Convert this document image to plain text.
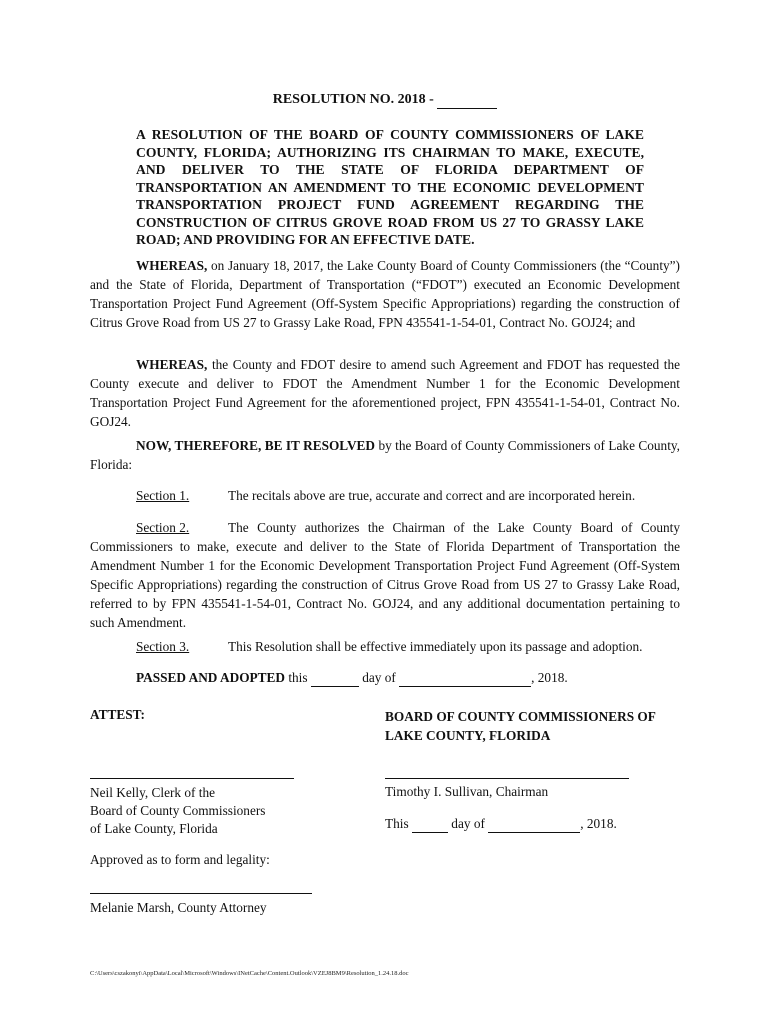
RESOLUTION NO. 2018 -
A RESOLUTION OF THE BOARD OF COUNTY COMMISSIONERS OF LAKE COUNTY, FLORIDA; AUTHORIZING ITS CHAIRMAN TO MAKE, EXECUTE, AND DELIVER TO THE STATE OF FLORIDA DEPARTMENT OF TRANSPORTATION AN AMENDMENT TO THE ECONOMIC DEVELOPMENT TRANSPORTATION PROJECT FUND AGREEMENT REGARDING THE CONSTRUCTION OF CITRUS GROVE ROAD FROM US 27 TO GRASSY LAKE ROAD; AND PROVIDING FOR AN EFFECTIVE DATE.
WHEREAS, on January 18, 2017, the Lake County Board of County Commissioners (the “County”) and the State of Florida, Department of Transportation (“FDOT”) executed an Economic Development Transportation Project Fund Agreement (Off-System Specific Appropriations) regarding the construction of Citrus Grove Road from US 27 to Grassy Lake Road, FPN 435541-1-54-01, Contract No. GOJ24; and
WHEREAS, the County and FDOT desire to amend such Agreement and FDOT has requested the County execute and deliver to FDOT the Amendment Number 1 for the Economic Development Transportation Project Fund Agreement for the aforementioned project, FPN 435541-1-54-01, Contract No. GOJ24.
NOW, THEREFORE, BE IT RESOLVED by the Board of County Commissioners of Lake County, Florida:
Section 1.	The recitals above are true, accurate and correct and are incorporated herein.
Section 2.	The County authorizes the Chairman of the Lake County Board of County Commissioners to make, execute and deliver to the State of Florida Department of Transportation the Amendment Number 1 for the Economic Development Transportation Project Fund Agreement (Off-System Specific Appropriations) regarding the construction of Citrus Grove Road from US 27 to Grassy Lake Road, referred to by FPN 435541-1-54-01, Contract No. GOJ24, and any additional documentation pertaining to such Amendment.
Section 3.	This Resolution shall be effective immediately upon its passage and adoption.
PASSED AND ADOPTED this	day of	, 2018.
ATTEST:	BOARD OF COUNTY COMMISSIONERS OF
LAKE COUNTY, FLORIDA
Neil Kelly, Clerk of the
Board of County Commissioners
of Lake County, Florida
Timothy I. Sullivan, Chairman
This	day of	, 2018.
Approved as to form and legality:
Melanie Marsh, County Attorney
C:\Users\cszakonyi\AppData\Local\Microsoft\Windows\INetCache\Content.Outlook\VZEJ8BM9\Resolution_1.24.18.doc
